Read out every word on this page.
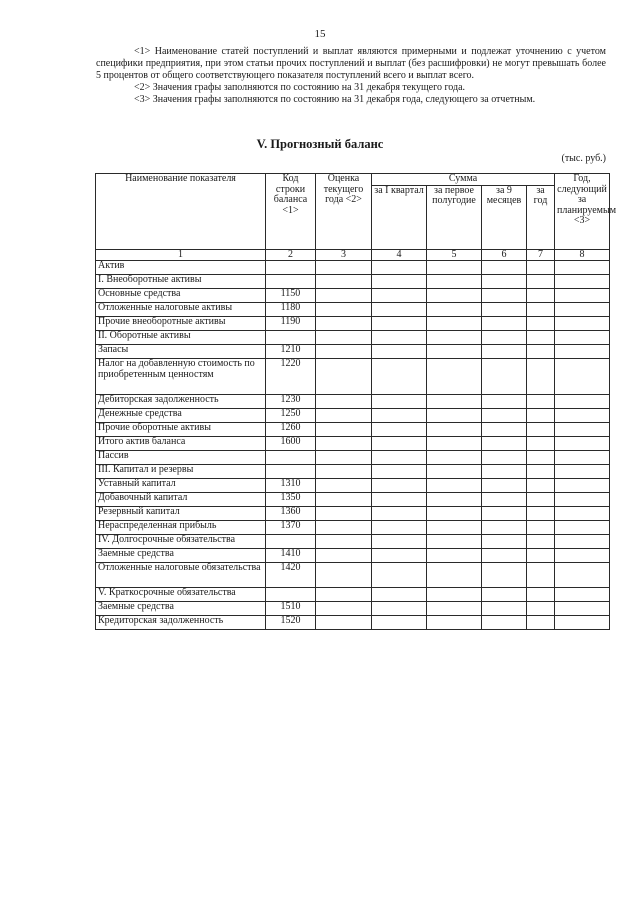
15

<1> Наименование статей поступлений и выплат являются примерными и подлежат уточнению с учетом специфики предприятия, при этом статьи прочих поступлений и выплат (без расшифровки) не могут превышать более 5 процентов от общего соответствующего показателя поступлений всего и выплат всего.

<2> Значения графы заполняются по состоянию на 31 декабря текущего года.

<3> Значения графы заполняются по состоянию на 31 декабря года, следующего за отчетным.

V. Прогнозный баланс
(тыс. руб.)
Наименование показателя	Код строки баланса <1>	Оценка текущего года <2>	Сумма				Год, следующий за планируемым <3>
			за I квартал	за первое полугодие	за 9 месяцев	за год	
1	2	3	4	5	6	7	8
Актив							
I. Внеоборотные активы							
Основные средства	1150						
Отложенные налоговые активы	1180						
Прочие внеоборотные активы	1190						
II. Оборотные активы							
Запасы	1210						
Налог на добавленную стоимость по приобретенным ценностям	1220						
Дебиторская задолженность	1230						
Денежные средства	1250						
Прочие оборотные активы	1260						
Итого актив баланса	1600						
Пассив							
III. Капитал и резервы							
Уставный капитал	1310						
Добавочный капитал	1350						
Резервный капитал	1360						
Нераспределенная прибыль	1370						
IV. Долгосрочные обязательства							
Заемные средства	1410						
Отложенные налоговые обязательства	1420						
V. Краткосрочные обязательства							
Заемные средства	1510						
Кредиторская задолженность	1520						
